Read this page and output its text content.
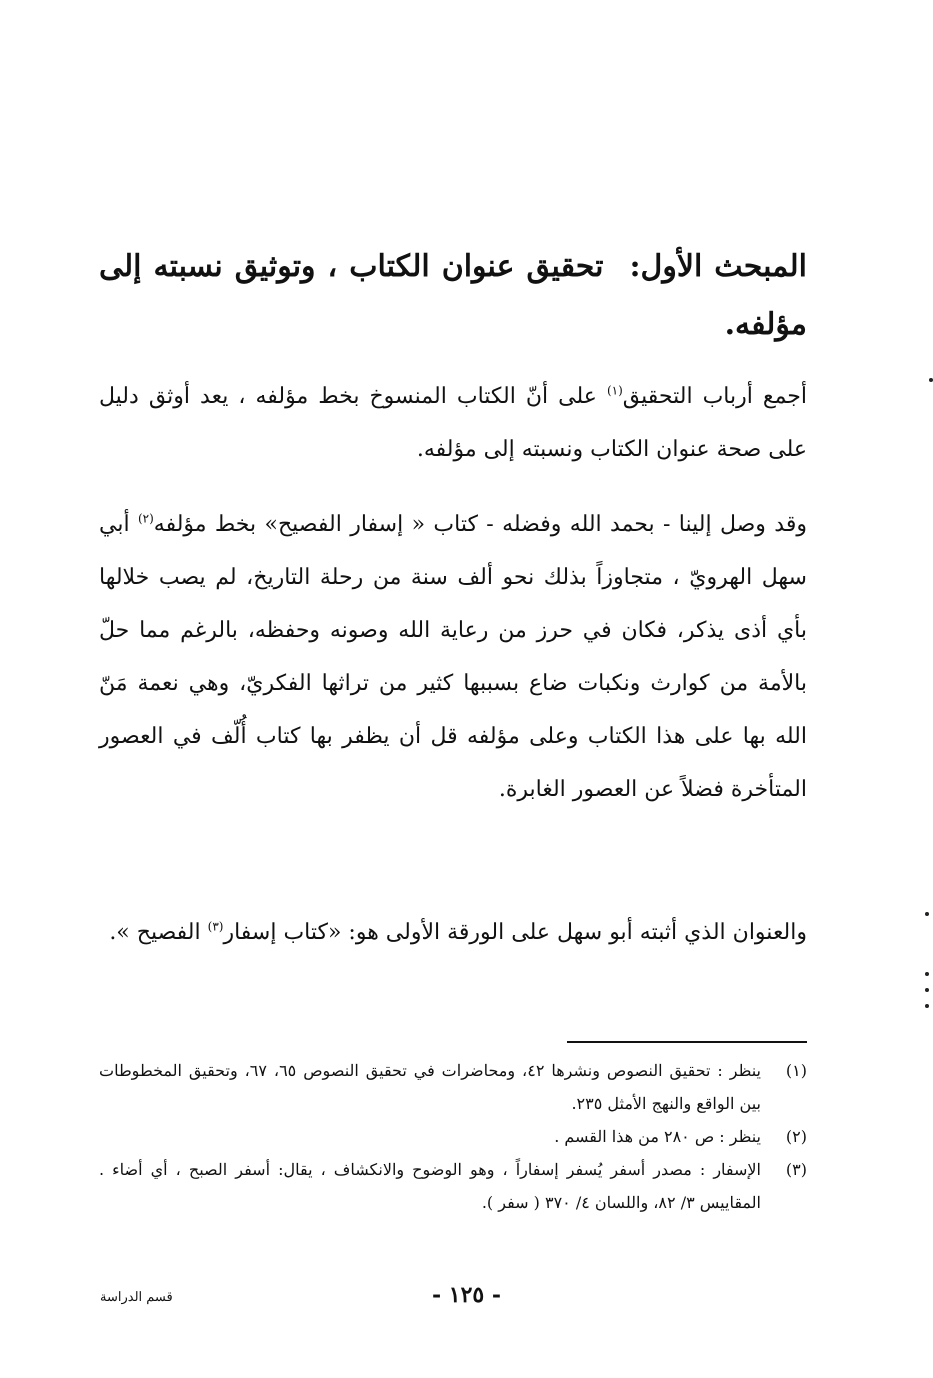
المبحث الأول: تحقيق عنوان الكتاب ، وتوثيق نسبته إلى مؤلفه.
أجمع أرباب التحقيق$^{(١)}$ على أنّ الكتاب المنسوخ بخط مؤلفه ، يعد أوثق دليل على صحة عنوان الكتاب ونسبته إلى مؤلفه.
وقد وصل إلينا - بحمد الله وفضله - كتاب « إسفار الفصيح» بخط مؤلفه$^{(٢)}$ أبي سهل الهرويّ ، متجاوزاً بذلك نحو ألف سنة من رحلة التاريخ، لم يصب خلالها بأي أذى يذكر، فكان في حرز من رعاية الله وصونه وحفظه، بالرغم مما حلّ بالأمة من كوارث ونكبات ضاع بسببها كثير من تراثها الفكريّ، وهي نعمة مَنّ الله بها على هذا الكتاب وعلى مؤلفه قل أن يظفر بها كتاب أُلّف في العصور المتأخرة فضلاً عن العصور الغابرة.
والعنوان الذي أثبته أبو سهل على الورقة الأولى هو: «كتاب إسفار$^{(٣)}$ الفصيح ».
(١)
ينظر : تحقيق النصوص ونشرها ٤٢، ومحاضرات في تحقيق النصوص ٦٥، ٦٧، وتحقيق المخطوطات بين الواقع والنهج الأمثل ٢٣٥.
(٢)
ينظر : ص ٢٨٠ من هذا القسم .
(٣)
الإسفار : مصدر أسفر يُسفر إسفاراً ، وهو الوضوح والانكشاف ، يقال: أسفر الصبح ، أي أضاء . المقاييس ٣/ ٨٢، واللسان ٤/ ٣٧٠ ( سفر ).
- ١٢٥ -
قسم الدراسة
